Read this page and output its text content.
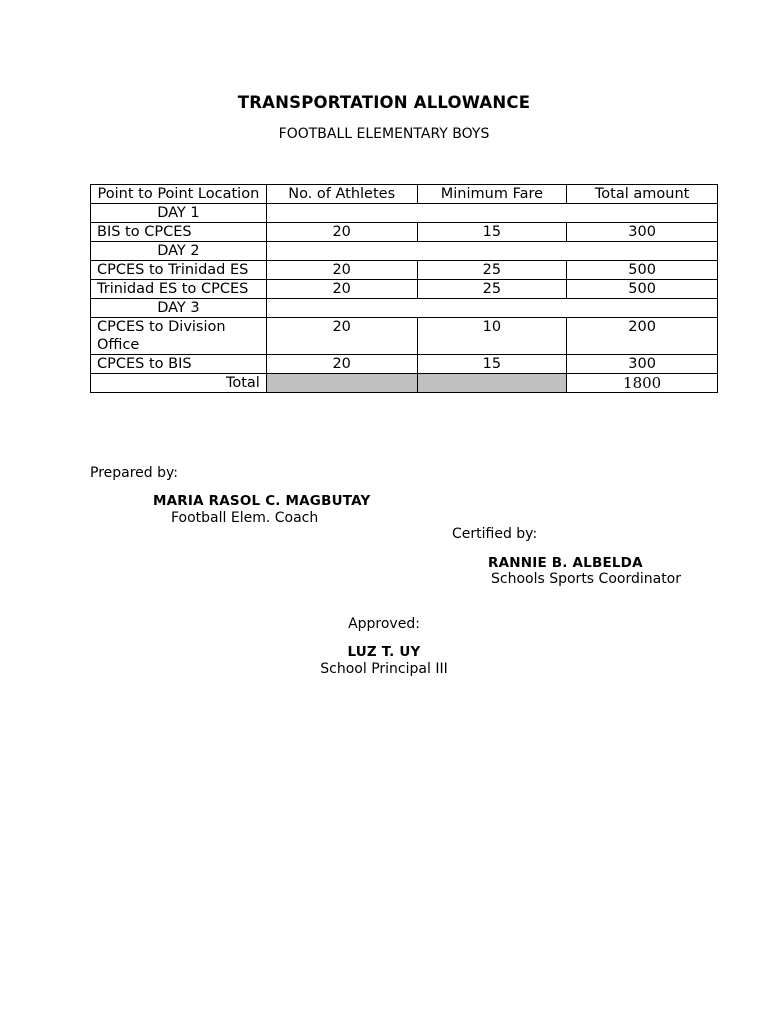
TRANSPORTATION ALLOWANCE
FOOTBALL ELEMENTARY BOYS
Point to Point Location	No. of Athletes	Minimum Fare	Total amount
DAY 1			
BIS to CPCES	20	15	300
DAY 2			
CPCES to Trinidad ES	20	25	500
Trinidad ES to CPCES	20	25	500
DAY 3			
CPCES to Division Office	20	10	200
CPCES to BIS	20	15	300
Total			1800
Prepared by:
MARIA RASOL C. MAGBUTAY
Football Elem. Coach
Certified by:
RANNIE B. ALBELDA
Schools Sports Coordinator
Approved:
LUZ T. UY
School Principal III
